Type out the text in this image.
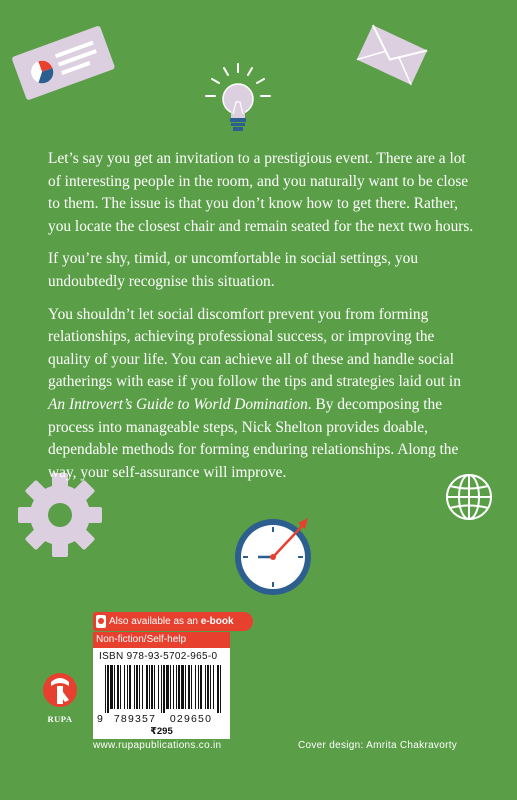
Let’s say you get an invitation to a prestigious event. There are a lot of interesting people in the room, and you naturally want to be close to them. The issue is that you don’t know how to get there. Rather, you locate the closest chair and remain seated for the next two hours.

If you’re shy, timid, or uncomfortable in social settings, you undoubtedly recognise this situation.

You shouldn’t let social discomfort prevent you from forming relationships, achieving professional success, or improving the quality of your life. You can achieve all of these and handle social gatherings with ease if you follow the tips and strategies laid out in An Introvert’s Guide to World Domination. By decomposing the process into manageable steps, Nick Shelton provides doable, dependable methods for forming enduring relationships. Along the way, your self-assurance will improve.

Also available as an e-book
Non-fiction/Self-help
ISBN 978-93-5702-965-0
9 789357 029650
₹295
RUPA
www.rupapublications.co.in	Cover design: Amrita Chakravorty
